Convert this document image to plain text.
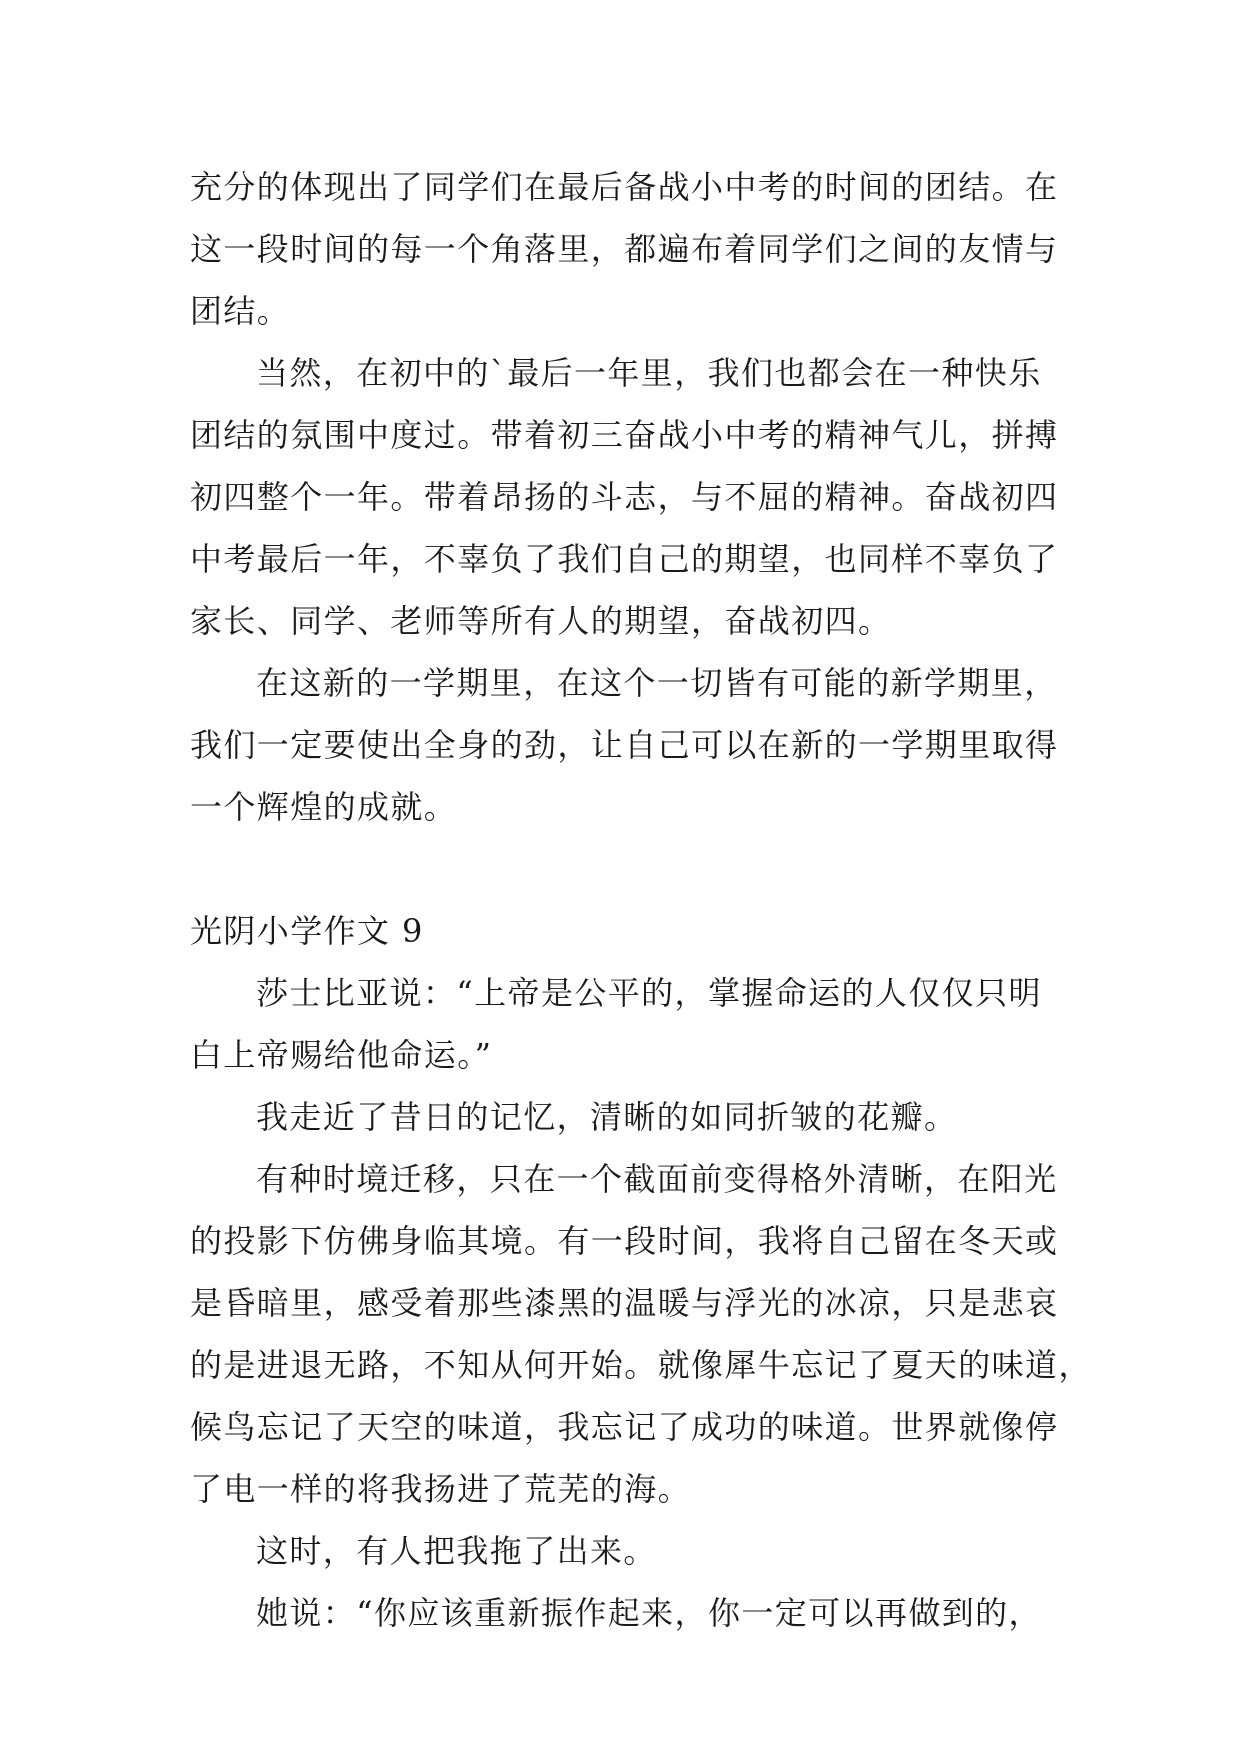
充分的体现出了同学们在最后备战小中考的时间的团结。在
这一段时间的每一个角落里，都遍布着同学们之间的友情与
团结。
当然，在初中的`最后一年里，我们也都会在一种快乐
团结的氛围中度过。带着初三奋战小中考的精神气儿，拼搏
初四整个一年。带着昂扬的斗志，与不屈的精神。奋战初四
中考最后一年，不辜负了我们自己的期望，也同样不辜负了
家长、同学、老师等所有人的期望，奋战初四。
在这新的一学期里，在这个一切皆有可能的新学期里，
我们一定要使出全身的劲，让自己可以在新的一学期里取得
一个辉煌的成就。
光阴小学作文 9
莎士比亚说：“上帝是公平的，掌握命运的人仅仅只明
白上帝赐给他命运。”
我走近了昔日的记忆，清晰的如同折皱的花瓣。
有种时境迁移，只在一个截面前变得格外清晰，在阳光
的投影下仿佛身临其境。有一段时间，我将自己留在冬天或
是昏暗里，感受着那些漆黑的温暖与浮光的冰凉，只是悲哀
的是进退无路，不知从何开始。就像犀牛忘记了夏天的味道，
候鸟忘记了天空的味道，我忘记了成功的味道。世界就像停
了电一样的将我扬进了荒芜的海。
这时，有人把我拖了出来。
她说：“你应该重新振作起来，你一定可以再做到的，
